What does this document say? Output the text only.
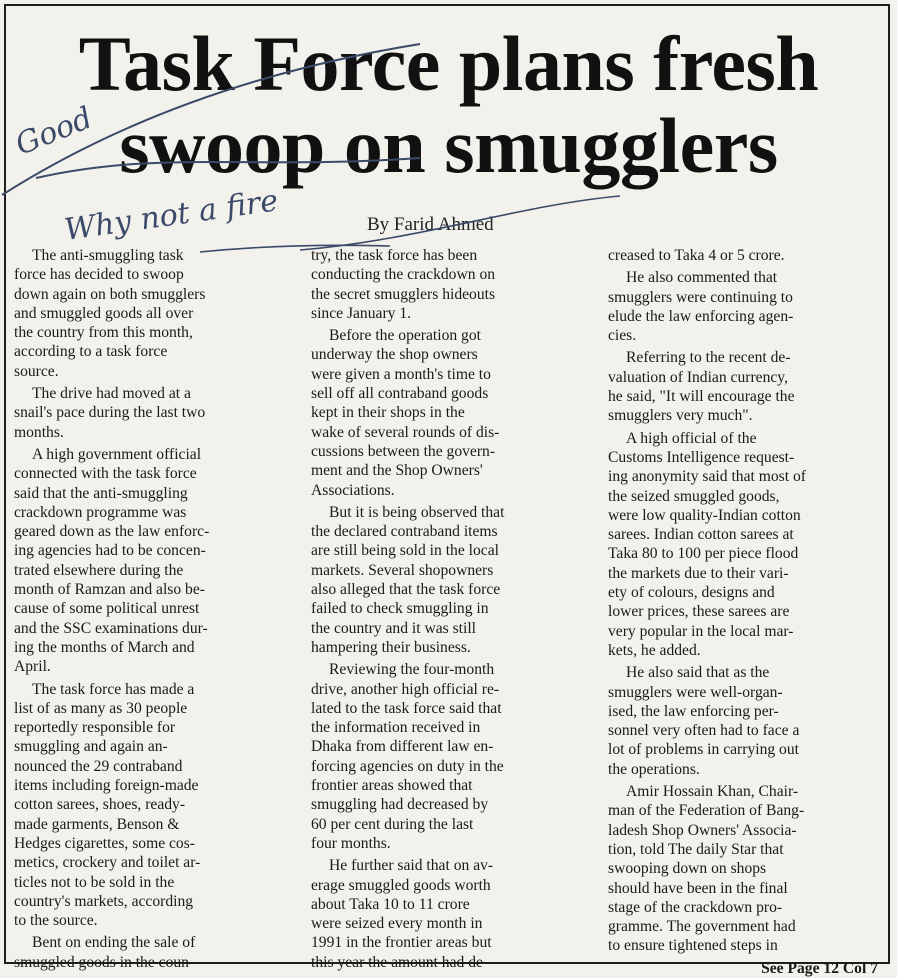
Task Force plans fresh
swoop on smugglers
By Farid Ahmed

The anti-smuggling task
force has decided to swoop
down again on both smugglers
and smuggled goods all over
the country from this month,
according to a task force
source.

The drive had moved at a
snail's pace during the last two
months.

A high government official
connected with the task force
said that the anti-smuggling
crackdown programme was
geared down as the law enforc-
ing agencies had to be concen-
trated elsewhere during the
month of Ramzan and also be-
cause of some political unrest
and the SSC examinations dur-
ing the months of March and
April.

The task force has made a
list of as many as 30 people
reportedly responsible for
smuggling and again an-
nounced the 29 contraband
items including foreign-made
cotton sarees, shoes, ready-
made garments, Benson &
Hedges cigarettes, some cos-
metics, crockery and toilet ar-
ticles not to be sold in the
country's markets, according
to the source.

Bent on ending the sale of
smuggled goods in the coun-

try, the task force has been
conducting the crackdown on
the secret smugglers hideouts
since January 1.

Before the operation got
underway the shop owners
were given a month's time to
sell off all contraband goods
kept in their shops in the
wake of several rounds of dis-
cussions between the govern-
ment and the Shop Owners'
Associations.

But it is being observed that
the declared contraband items
are still being sold in the local
markets. Several shopowners
also alleged that the task force
failed to check smuggling in
the country and it was still
hampering their business.

Reviewing the four-month
drive, another high official re-
lated to the task force said that
the information received in
Dhaka from different law en-
forcing agencies on duty in the
frontier areas showed that
smuggling had decreased by
60 per cent during the last
four months.

He further said that on av-
erage smuggled goods worth
about Taka 10 to 11 crore
were seized every month in
1991 in the frontier areas but
this year the amount had de-

creased to Taka 4 or 5 crore.

He also commented that
smugglers were continuing to
elude the law enforcing agen-
cies.

Referring to the recent de-
valuation of Indian currency,
he said, "It will encourage the
smugglers very much".

A high official of the
Customs Intelligence request-
ing anonymity said that most of
the seized smuggled goods,
were low quality-Indian cotton
sarees. Indian cotton sarees at
Taka 80 to 100 per piece flood
the markets due to their vari-
ety of colours, designs and
lower prices, these sarees are
very popular in the local mar-
kets, he added.

He also said that as the
smugglers were well-organ-
ised, the law enforcing per-
sonnel very often had to face a
lot of problems in carrying out
the operations.

Amir Hossain Khan, Chair-
man of the Federation of Bang-
ladesh Shop Owners' Associa-
tion, told The daily Star that
swooping down on shops
should have been in the final
stage of the crackdown pro-
gramme. The government had
to ensure tightened steps in

See Page 12 Col 7

Good
Why not a fire
